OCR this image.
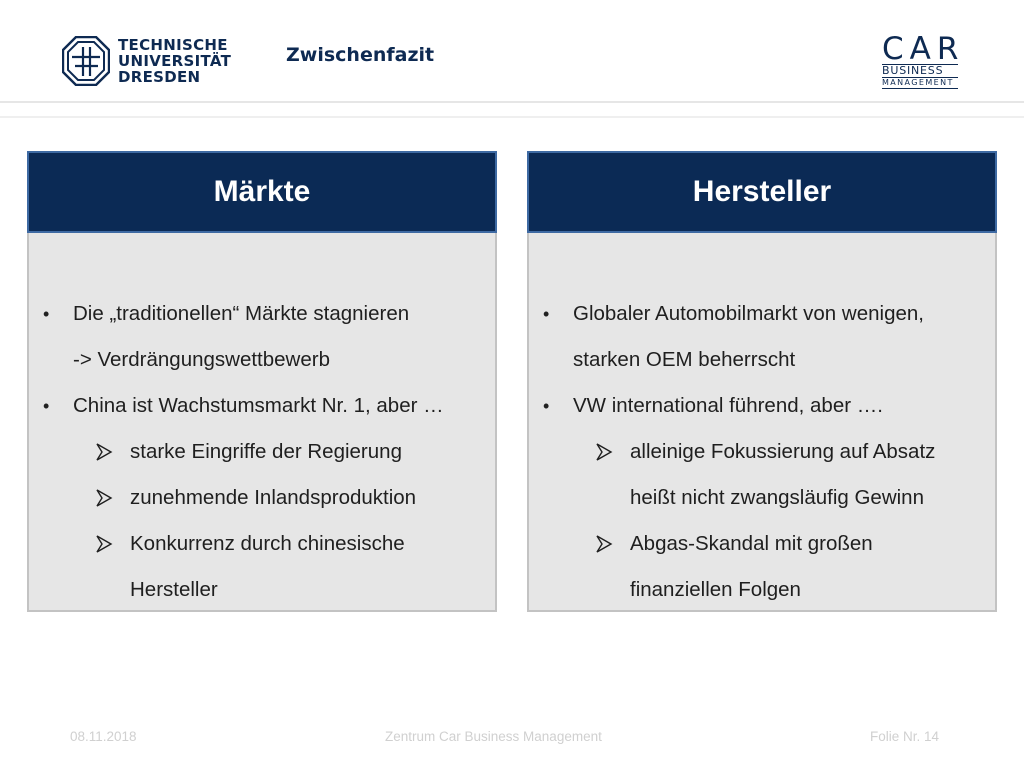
TECHNISCHE
UNIVERSITÄT
DRESDEN
Zwischenfazit	CAR
BUSINESS
MANAGEMENT
Märkte
• Die „traditionellen“ Märkte stagnieren
-> Verdrängungswettbewerb
• China ist Wachstumsmarkt Nr. 1, aber …
starke Eingriffe der Regierung
zunehmende Inlandsproduktion
Konkurrenz durch chinesische
Hersteller
Hersteller
• Globaler Automobilmarkt von wenigen,
starken OEM beherrscht
• VW international führend, aber ….
alleinige Fokussierung auf Absatz
heißt nicht zwangsläufig Gewinn
Abgas-Skandal mit großen
finanziellen Folgen
08.11.2018	Zentrum Car Business Management	Folie Nr. 14
